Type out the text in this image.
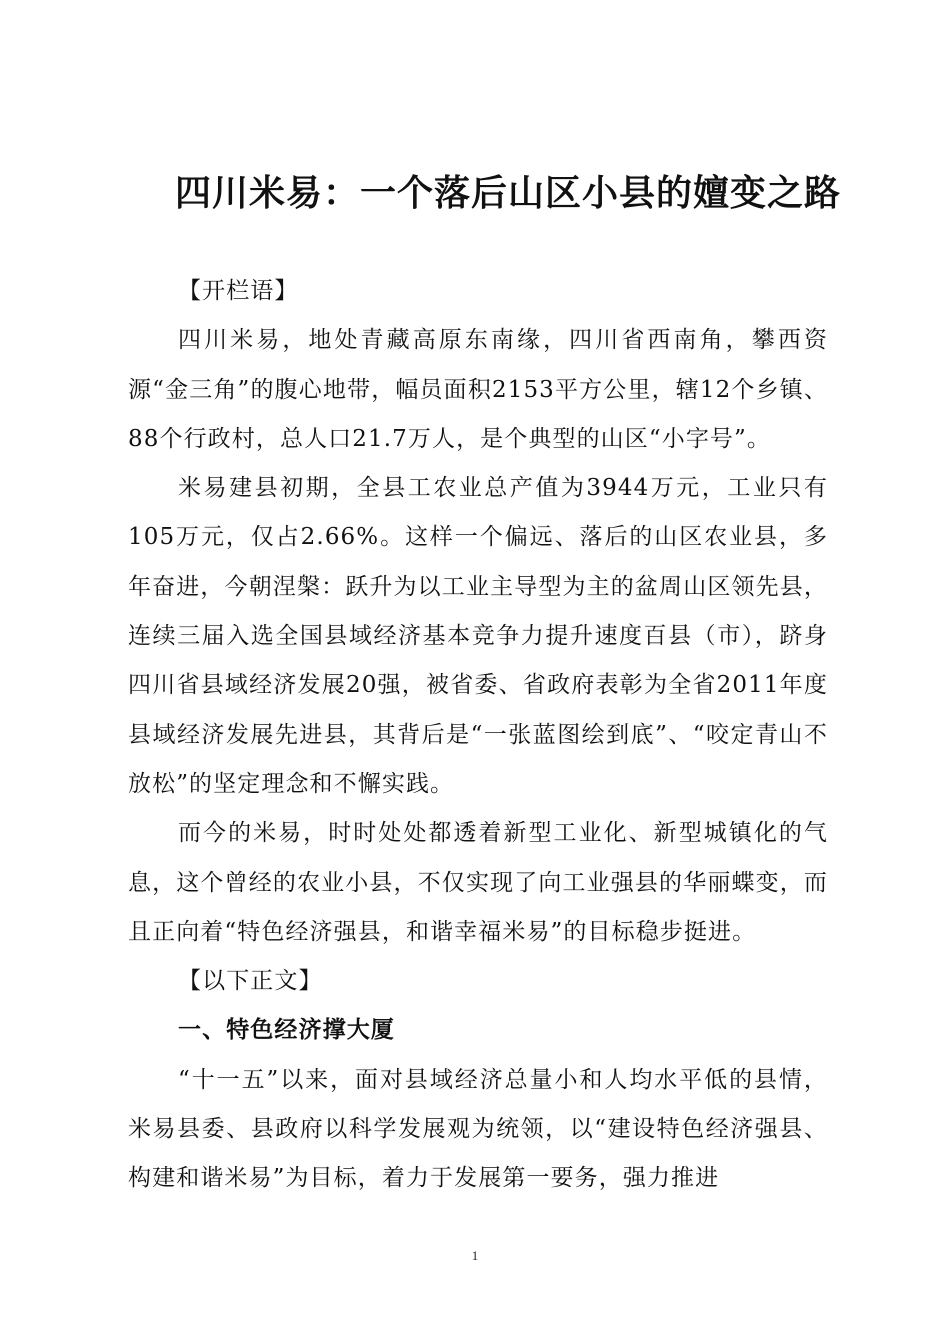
四川米易：一个落后山区小县的嬗变之路

【开栏语】

四川米易，地处青藏高原东南缘，四川省西南角，攀西资源“金三角”的腹心地带，幅员面积2153平方公里，辖12个乡镇、88个行政村，总人口21.7万人，是个典型的山区“小字号”。

米易建县初期，全县工农业总产值为3944万元，工业只有105万元，仅占2.66%。这样一个偏远、落后的山区农业县，多年奋进，今朝涅槃：跃升为以工业主导型为主的盆周山区领先县，连续三届入选全国县域经济基本竞争力提升速度百县（市），跻身四川省县域经济发展20强，被省委、省政府表彰为全省2011年度县域经济发展先进县，其背后是“一张蓝图绘到底”、“咬定青山不放松”的坚定理念和不懈实践。

而今的米易，时时处处都透着新型工业化、新型城镇化的气息，这个曾经的农业小县，不仅实现了向工业强县的华丽蝶变，而且正向着“特色经济强县，和谐幸福米易”的目标稳步挺进。

【以下正文】

一、特色经济撑大厦

“十一五”以来，面对县域经济总量小和人均水平低的县情，米易县委、县政府以科学发展观为统领，以“建设特色经济强县、构建和谐米易”为目标，着力于发展第一要务，强力推进

1
